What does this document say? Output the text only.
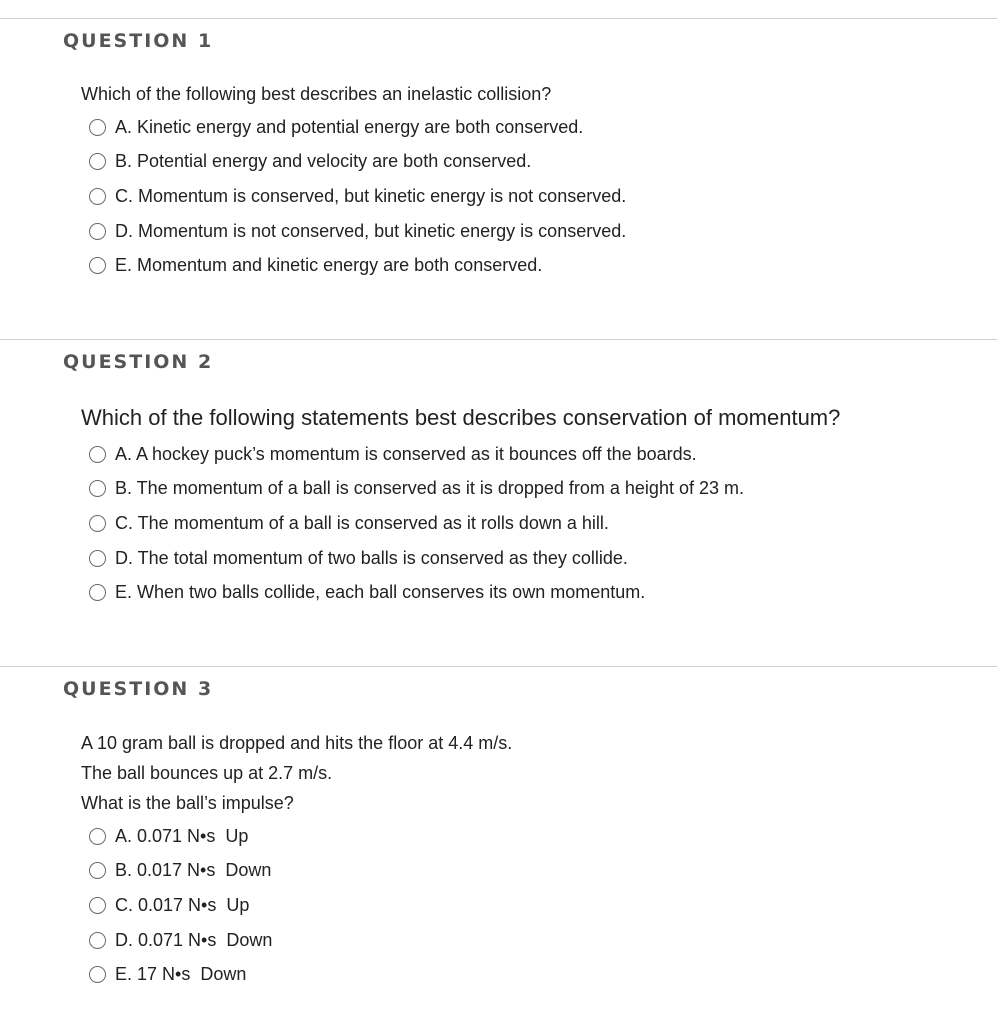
QUESTION 1
Which of the following best describes an inelastic collision?
A. Kinetic energy and potential energy are both conserved.
B. Potential energy and velocity are both conserved.
C. Momentum is conserved, but kinetic energy is not conserved.
D. Momentum is not conserved, but kinetic energy is conserved.
E. Momentum and kinetic energy are both conserved.
QUESTION 2
Which of the following statements best describes conservation of momentum?
A. A hockey puck’s momentum is conserved as it bounces off the boards.
B. The momentum of a ball is conserved as it is dropped from a height of 23 m.
C. The momentum of a ball is conserved as it rolls down a hill.
D. The total momentum of two balls is conserved as they collide.
E. When two balls collide, each ball conserves its own momentum.
QUESTION 3
A 10 gram ball is dropped and hits the floor at 4.4 m/s.
The ball bounces up at 2.7 m/s.
What is the ball’s impulse?
A. 0.071 N•s  Up
B. 0.017 N•s  Down
C. 0.017 N•s  Up
D. 0.071 N•s  Down
E. 17 N•s  Down
